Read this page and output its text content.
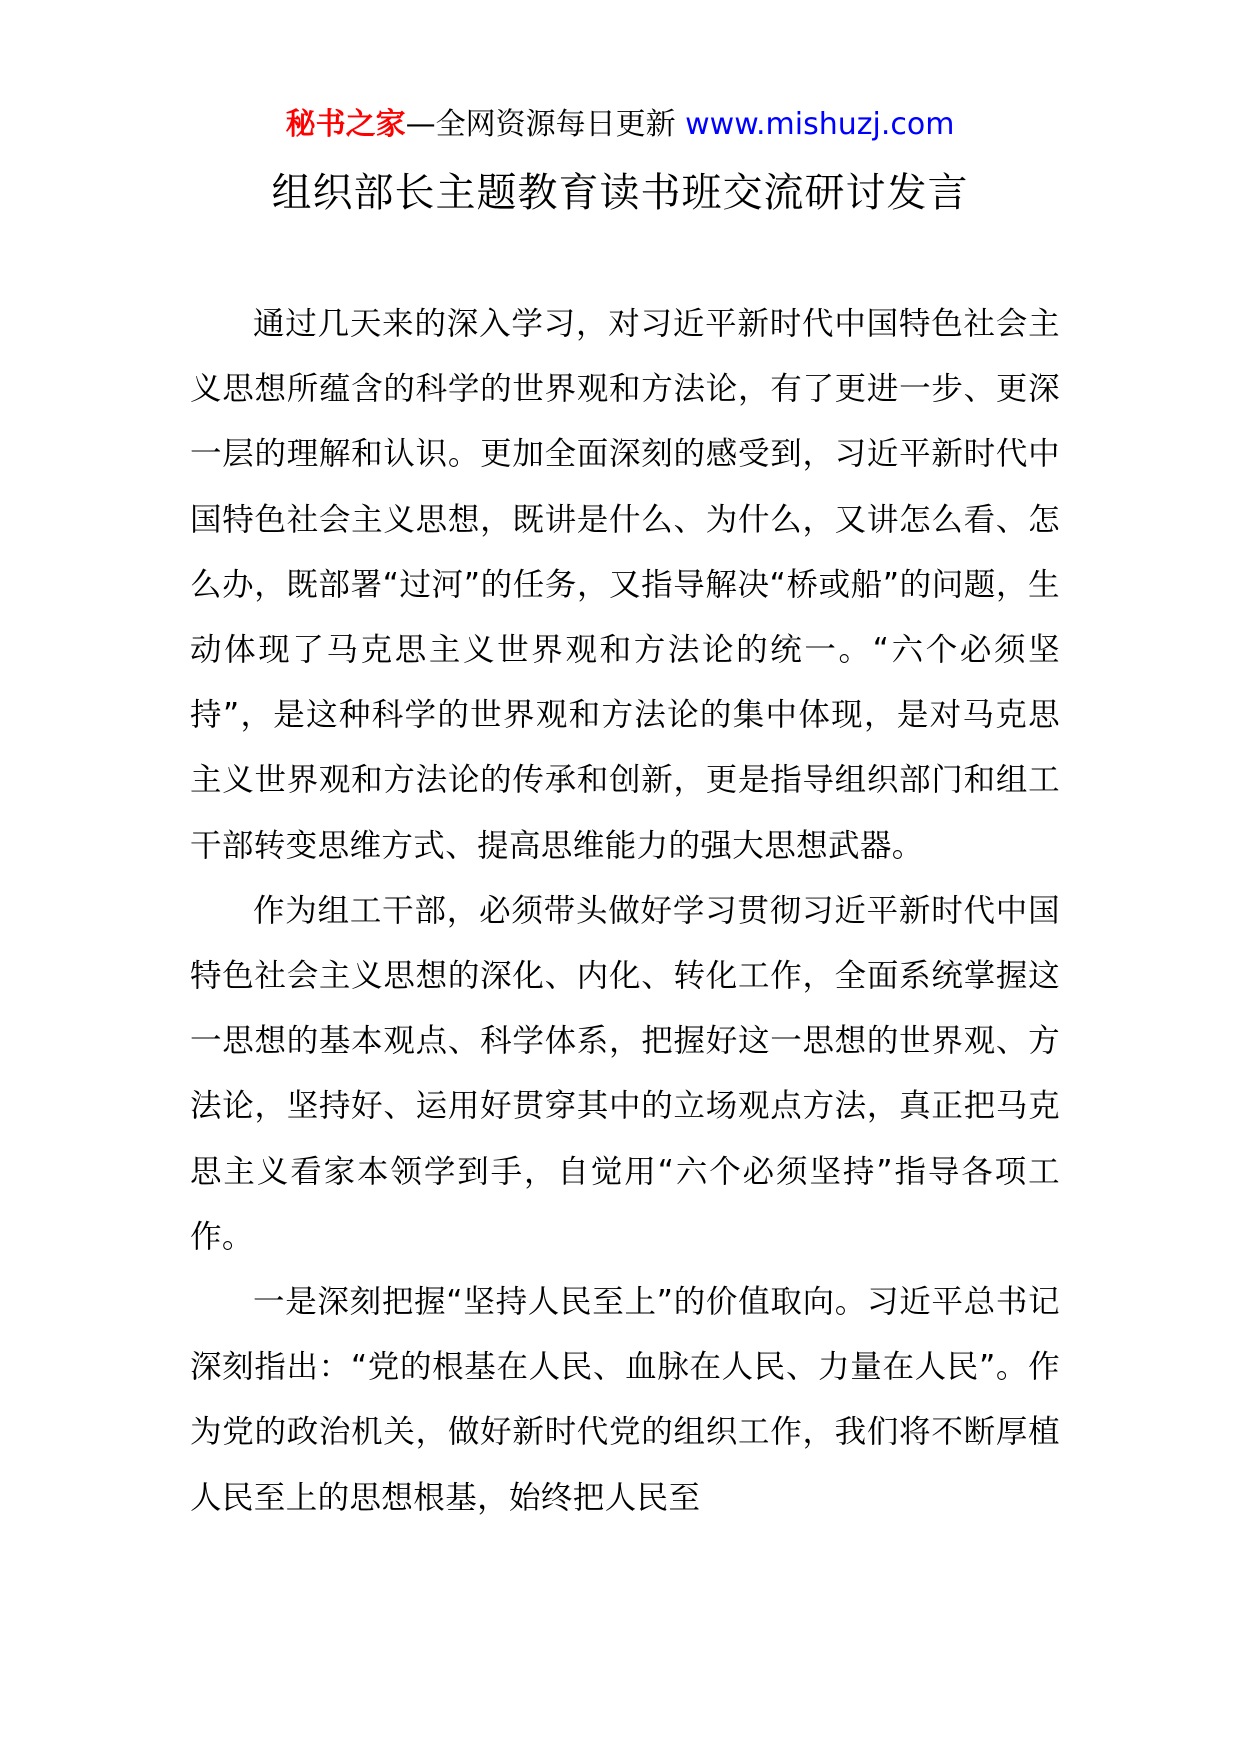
秘书之家—全网资源每日更新 www.mishuzj.com
组织部长主题教育读书班交流研讨发言

通过几天来的深入学习，对习近平新时代中国特色社会主义思想所蕴含的科学的世界观和方法论，有了更进一步、更深一层的理解和认识。更加全面深刻的感受到，习近平新时代中国特色社会主义思想，既讲是什么、为什么，又讲怎么看、怎么办，既部署“过河”的任务，又指导解决“桥或船”的问题，生动体现了马克思主义世界观和方法论的统一。“六个必须坚持”，是这种科学的世界观和方法论的集中体现，是对马克思主义世界观和方法论的传承和创新，更是指导组织部门和组工干部转变思维方式、提高思维能力的强大思想武器。

作为组工干部，必须带头做好学习贯彻习近平新时代中国特色社会主义思想的深化、内化、转化工作，全面系统掌握这一思想的基本观点、科学体系，把握好这一思想的世界观、方法论，坚持好、运用好贯穿其中的立场观点方法，真正把马克思主义看家本领学到手，自觉用“六个必须坚持”指导各项工作。

一是深刻把握“坚持人民至上”的价值取向。习近平总书记深刻指出：“党的根基在人民、血脉在人民、力量在人民”。作为党的政治机关，做好新时代党的组织工作，我们将不断厚植人民至上的思想根基，始终把人民至
